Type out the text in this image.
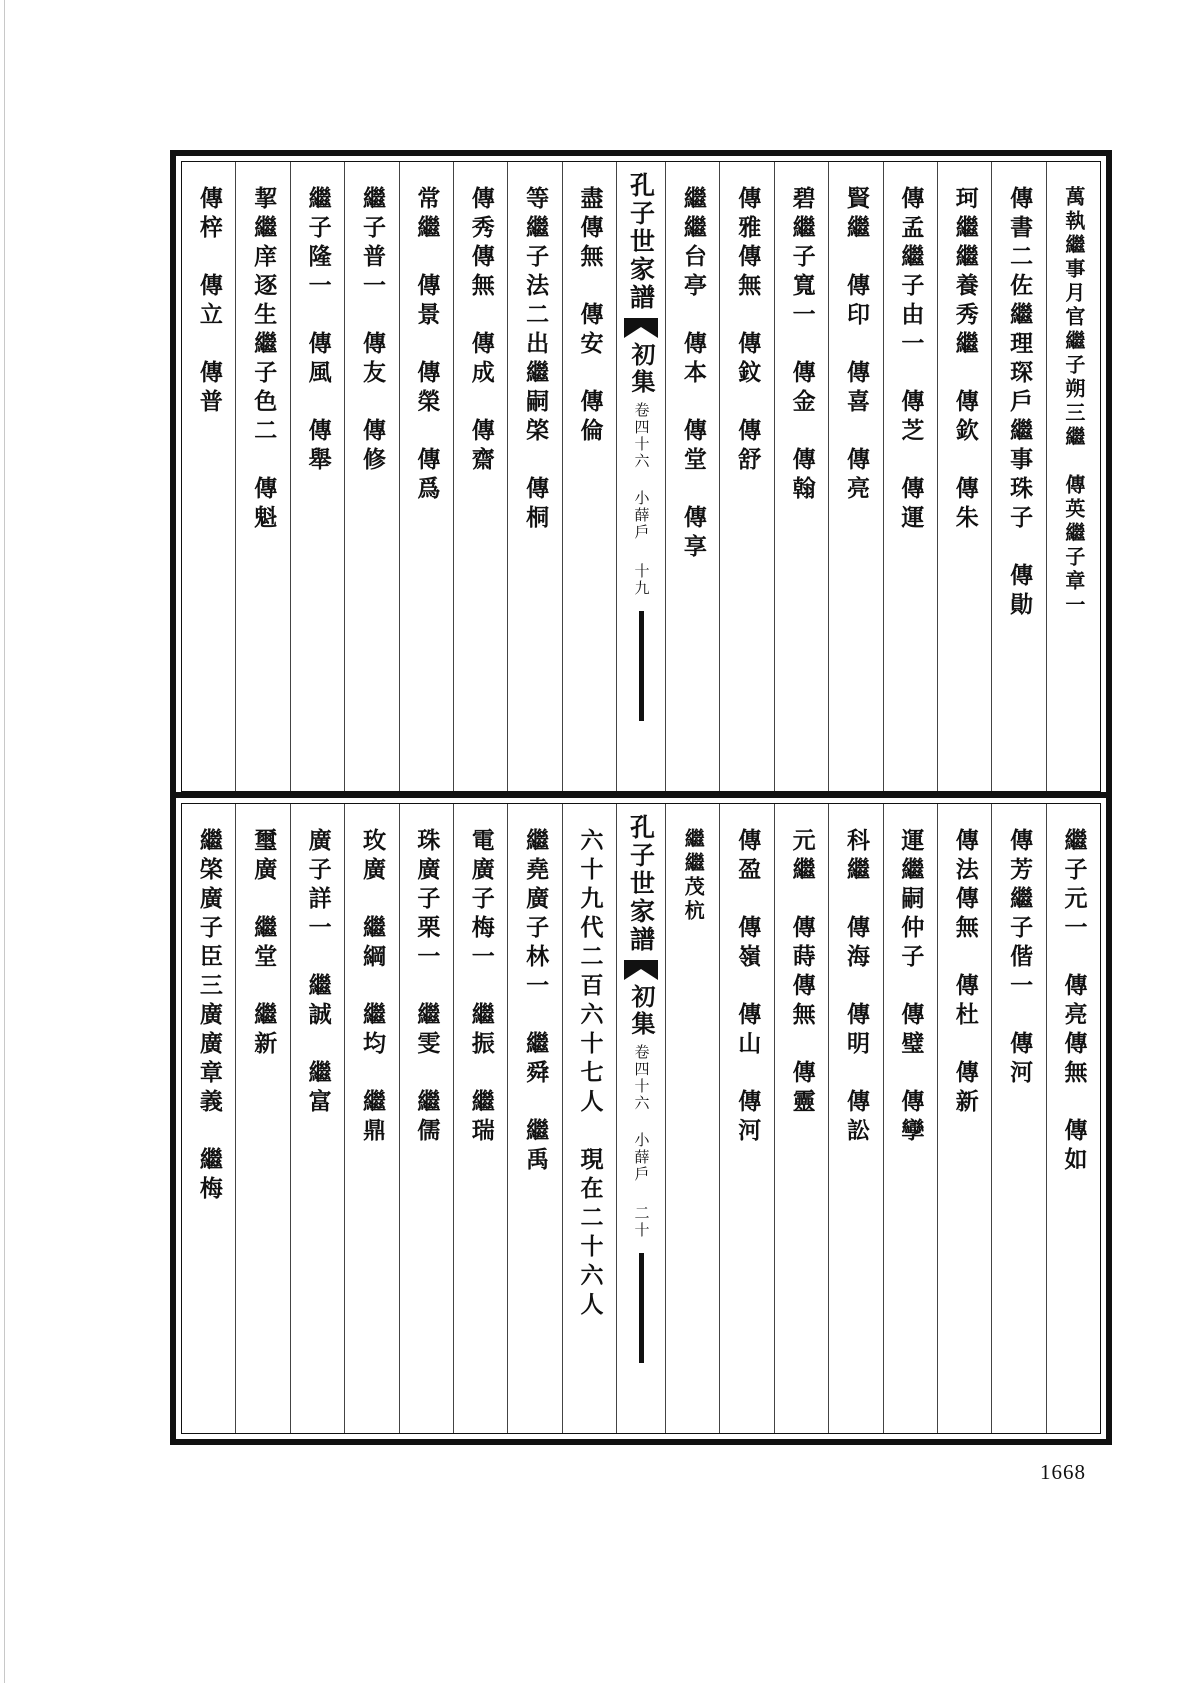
萬執繼事月官繼子朔三繼　傳英繼子章一
傳書二佐繼理琛戶繼事珠子　傳勛
珂繼繼養秀繼　傳欽　傳朱
傳孟繼子由一　傳芝　傳運
賢繼　傳印　傳喜　傳亮
碧繼子寬一　傳金　傳翰
傳雅傳無　傳鈫　傳舒
繼繼台亭　傳本　傳堂　傳享
孔子世家譜
初集
卷四十六 小薛戶
十九
盡傳無　傳安　傳倫
等繼子法二出繼嗣棨　傳桐
傳秀傳無　傳成　傳齋
常繼　傳景　傳榮　傳爲
繼子普一　傳友　傳修
繼子隆一　傳風　傳舉
挈繼庠逐生繼子色二　傳魁
傳梓　傳立　傳普
繼子元一　傳亮傳無　傳如
傳芳繼子偕一　傳河
傳法傳無　傳杜　傳新
運繼嗣仲子　傳璧　傳孿
科繼　傳海　傳明　傳訟
元繼　傳蒔傳無　傳靈
傳盈　傳嶺　傳山　傳河
繼繼茂杭
孔子世家譜
初集
卷四十六 小薛戶
二十
六十九代二百六十七人　現在二十六人
繼堯廣子林一　繼舜　繼禹
電廣子梅一　繼振　繼瑞
珠廣子栗一　繼雯　繼儒
玫廣　繼綱　繼均　繼鼎
廣子詳一　繼誠　繼富
璽廣　繼堂　繼新
繼棨廣子臣三廣廣章義　繼梅
1668
